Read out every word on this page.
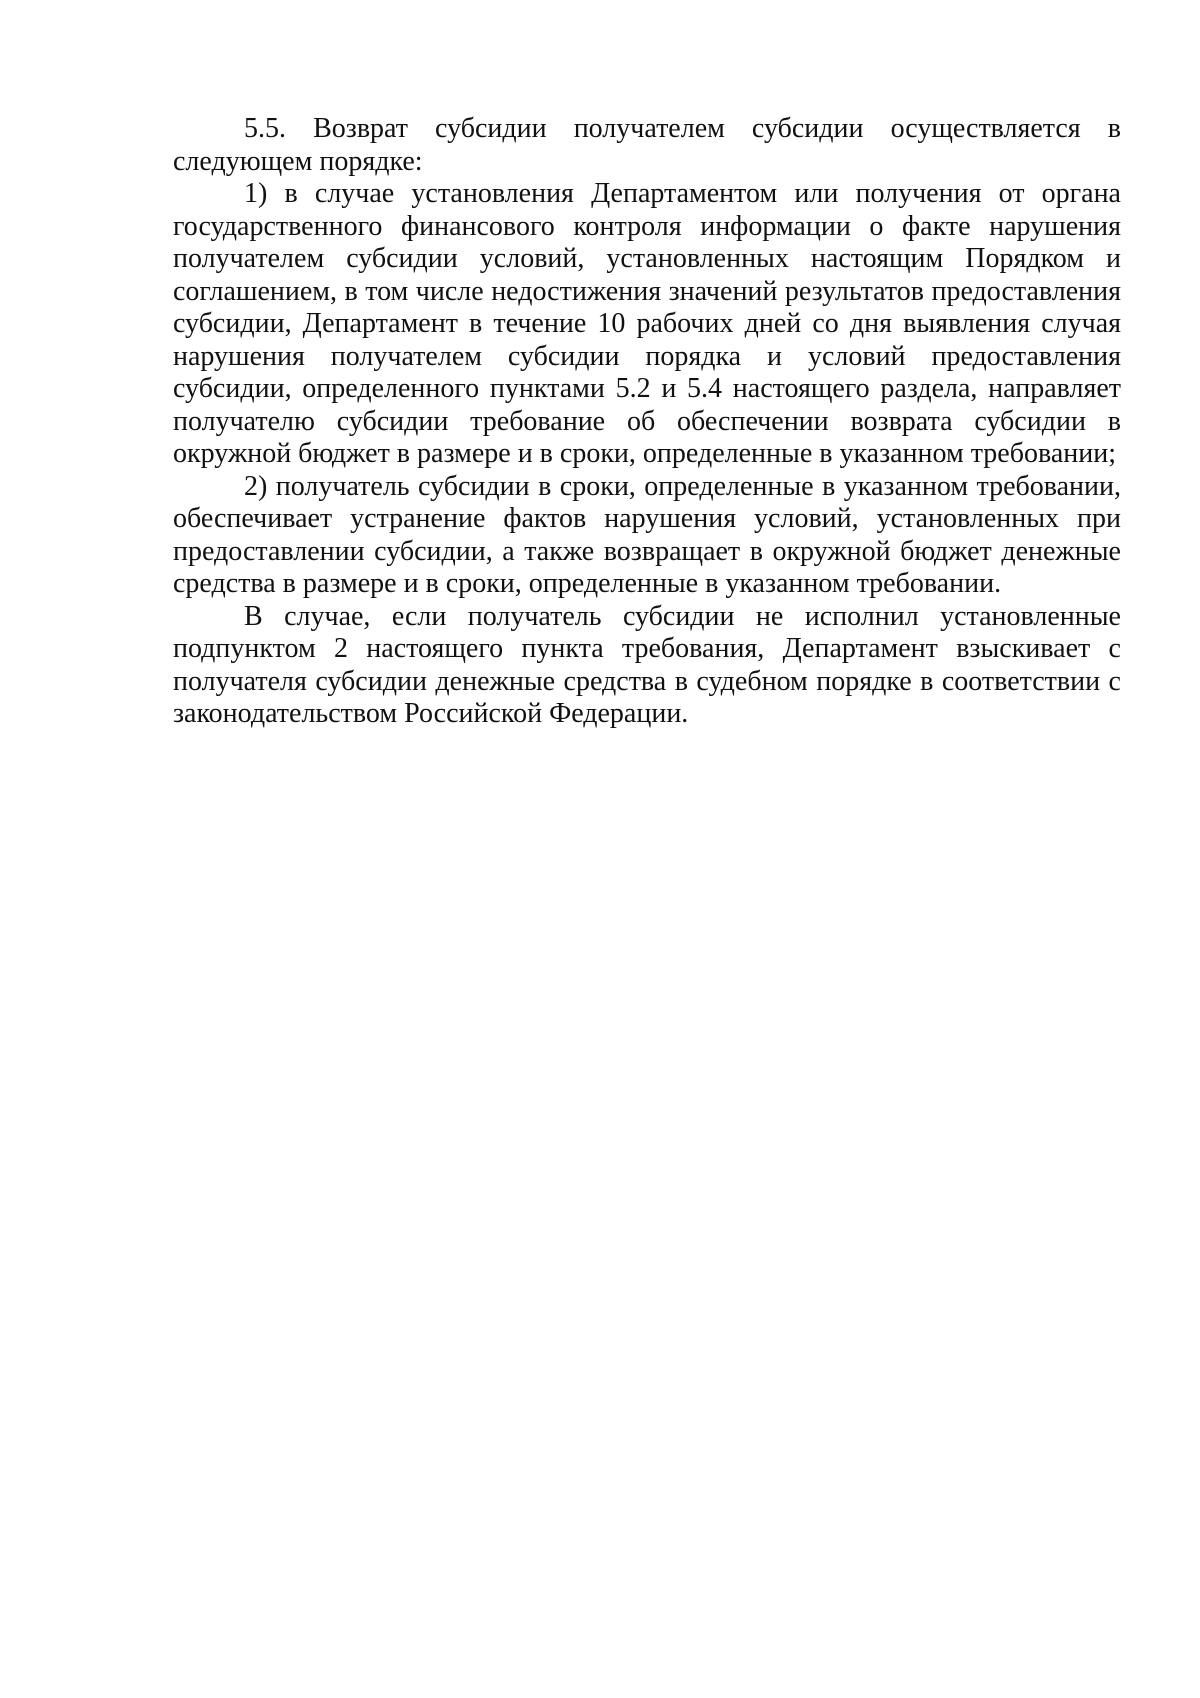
5.5. Возврат субсидии получателем субсидии осуществляется в следующем порядке:

1) в случае установления Департаментом или получения от органа государственного финансового контроля информации о факте нарушения получателем субсидии условий, установленных настоящим Порядком и соглашением, в том числе недостижения значений результатов предоставления субсидии, Департамент в течение 10 рабочих дней со дня выявления случая нарушения получателем субсидии порядка и условий предоставления субсидии, определенного пунктами 5.2 и 5.4 настоящего раздела, направляет получателю субсидии требование об обеспечении возврата субсидии в окружной бюджет в размере и в сроки, определенные в указанном требовании;

2) получатель субсидии в сроки, определенные в указанном требовании, обеспечивает устранение фактов нарушения условий, установленных при предоставлении субсидии, а также возвращает в окружной бюджет денежные средства в размере и в сроки, определенные в указанном требовании.

В случае, если получатель субсидии не исполнил установленные подпунктом 2 настоящего пункта требования, Департамент взыскивает с получателя субсидии денежные средства в судебном порядке в соответствии с законодательством Российской Федерации.
